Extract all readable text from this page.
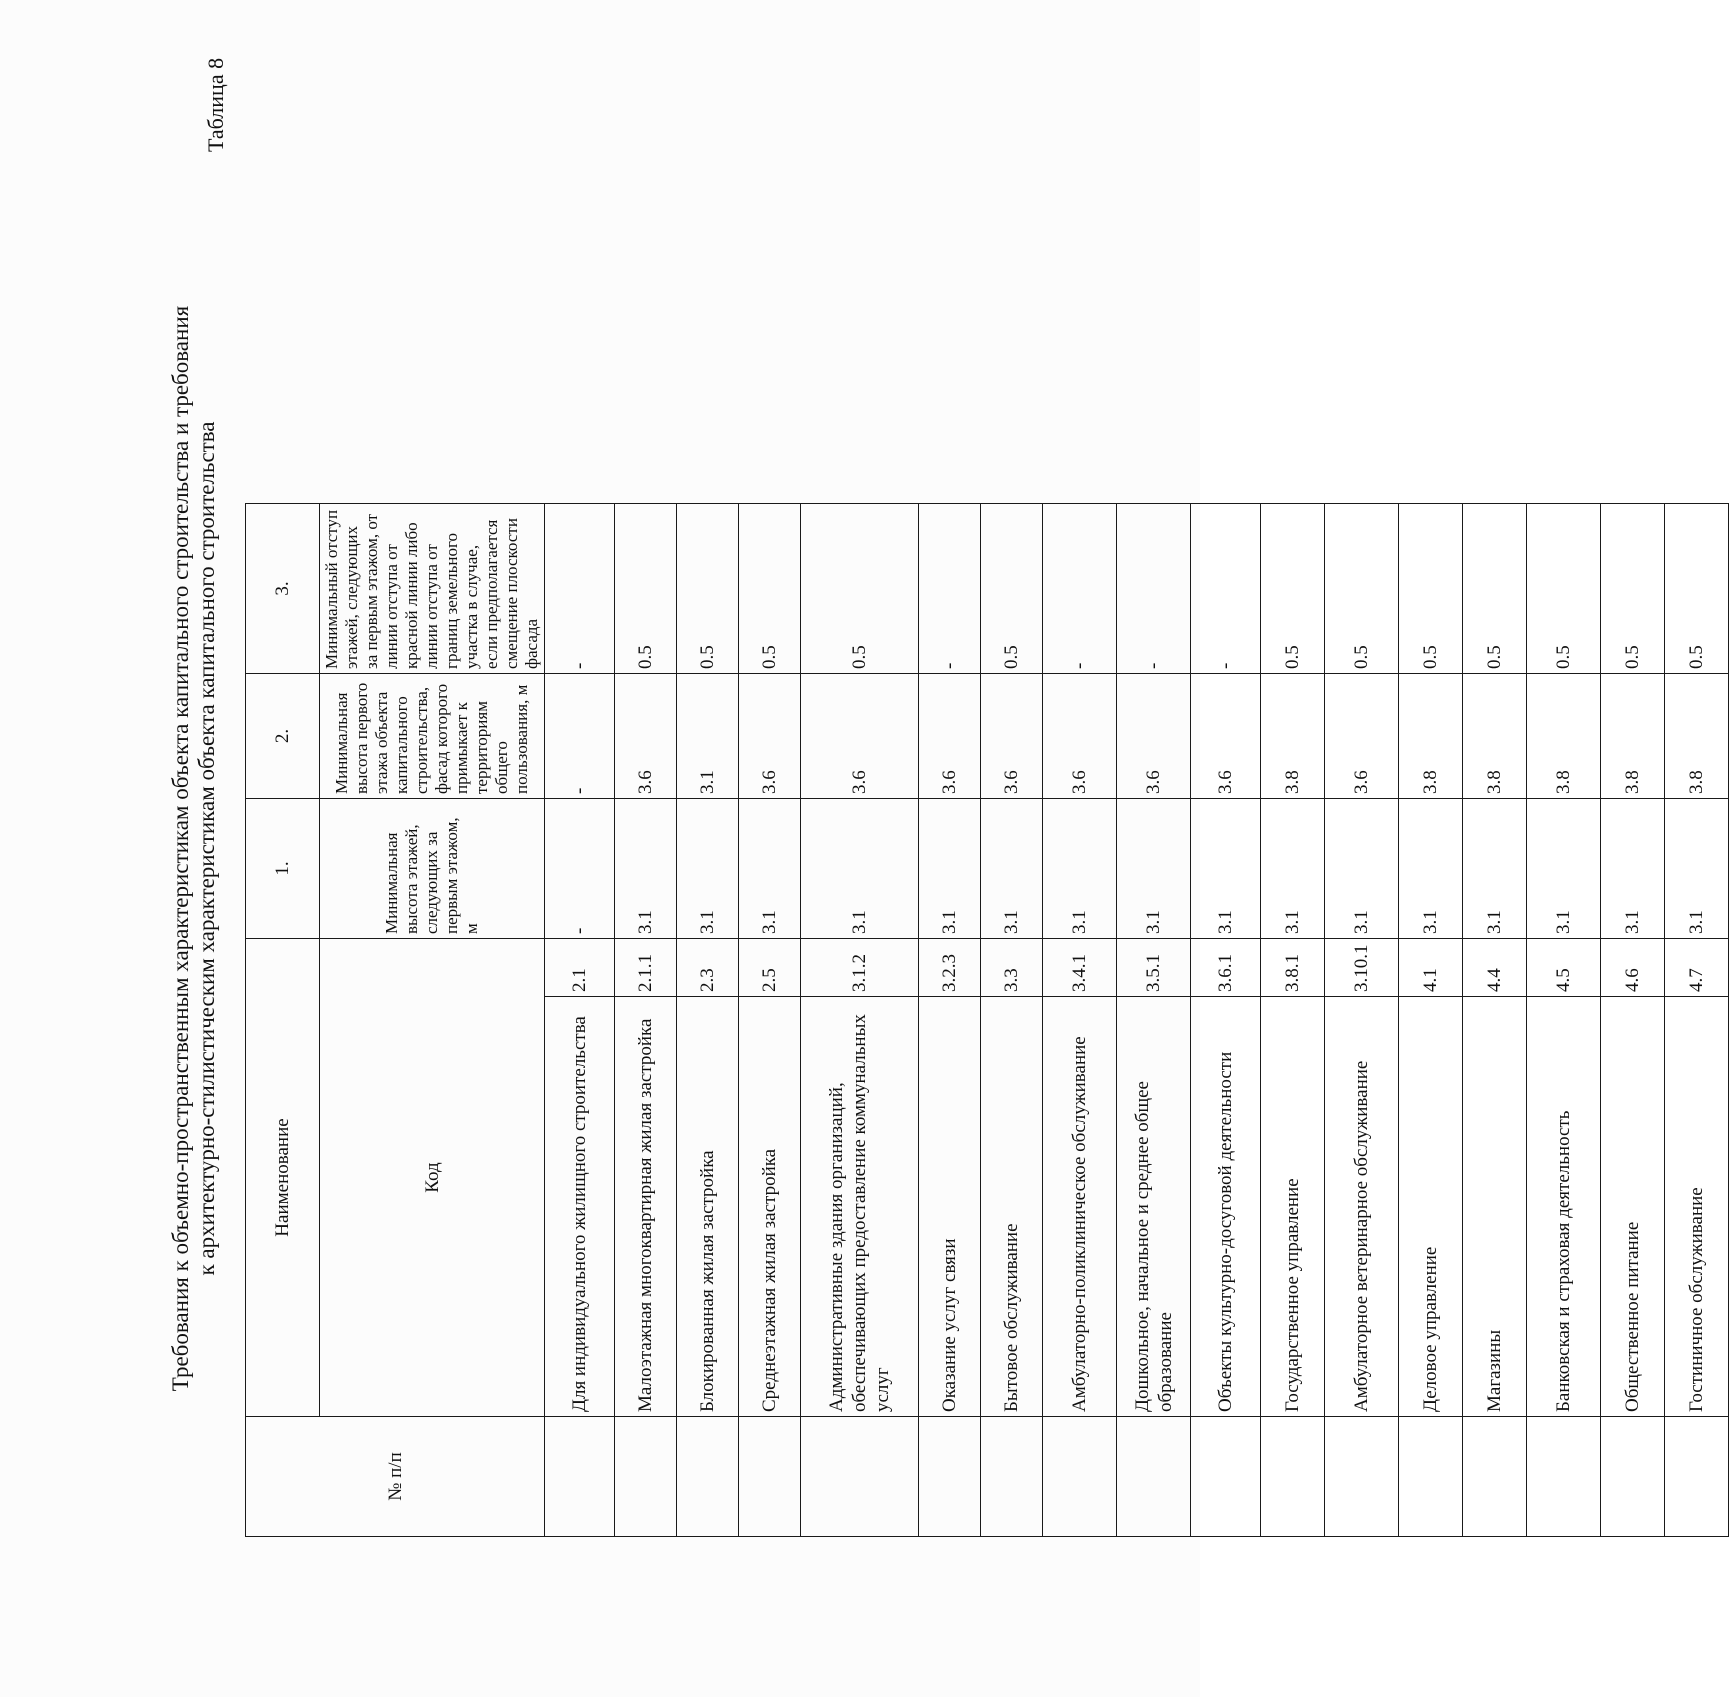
Требования к объемно-пространственным характеристикам объекта капитального строительства и требования к архитектурно-стилистическим характеристикам объекта капитального строительства
Таблица 8
№ п/п	Наименование		1.	2.	3.
	Код		Минимальная высота этажей, следующих за первым этажом, м	Минимальная высота первого этажа объекта капитального строительства, фасад которого примыкает к территориям общего пользования, м	Минимальный отступ этажей, следующих за первым этажом, от линии отступа от красной линии либо линии отступа от границ земельного участка в случае, если предполагается смещение плоскости фасада
	Для индивидуального жилищного строительства	2.1	-	-	-
	Малоэтажная многоквартирная жилая застройка	2.1.1	3.1	3.6	0.5
	Блокированная жилая застройка	2.3	3.1	3.1	0.5
	Среднеэтажная жилая застройка	2.5	3.1	3.6	0.5
	Административные здания организаций, обеспечивающих предоставление коммунальных услуг	3.1.2	3.1	3.6	0.5
	Оказание услуг связи	3.2.3	3.1	3.6	-
	Бытовое обслуживание	3.3	3.1	3.6	0.5
	Амбулаторно-поликлиническое обслуживание	3.4.1	3.1	3.6	-
	Дошкольное, начальное и среднее общее образование	3.5.1	3.1	3.6	-
	Объекты культурно-досуговой деятельности	3.6.1	3.1	3.6	-
	Государственное управление	3.8.1	3.1	3.8	0.5
	Амбулаторное ветеринарное обслуживание	3.10.1	3.1	3.6	0.5
	Деловое управление	4.1	3.1	3.8	0.5
	Магазины	4.4	3.1	3.8	0.5
	Банковская и страховая деятельность	4.5	3.1	3.8	0.5
	Общественное питание	4.6	3.1	3.8	0.5
	Гостиничное обслуживание	4.7	3.1	3.8	0.5
